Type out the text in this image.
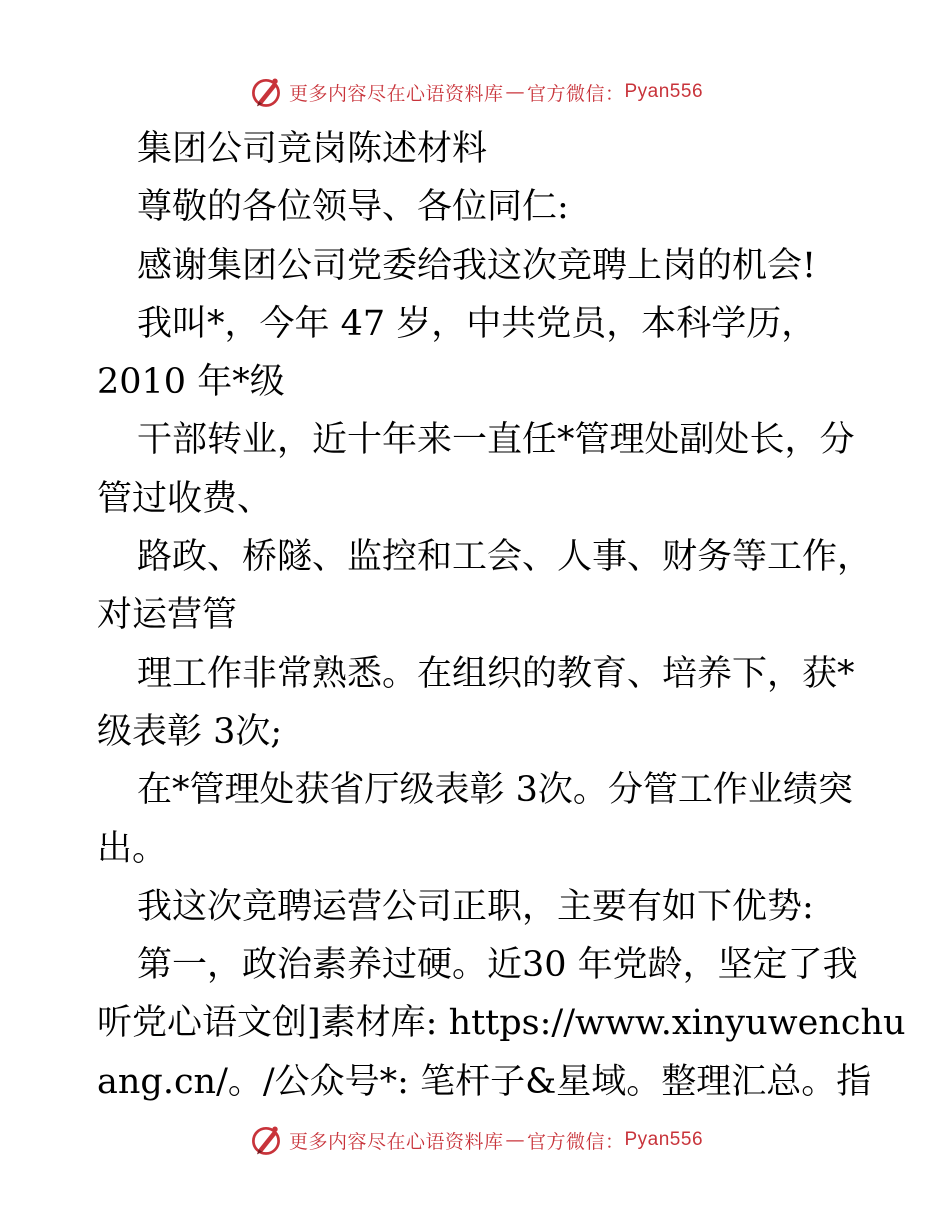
更多内容尽在心语资料库 — 官方微信： Pyan556
集团公司竞岗陈述材料
尊敬的各位领导、各位同仁:
感谢集团公司党委给我这次竞聘上岗的机会!
我叫*，今年 47 岁，中共党员，本科学历，
2010 年*级
干部转业，近十年来一直任*管理处副处长，分
管过收费、
路政、桥隧、监控和工会、人事、财务等工作，
对运营管
理工作非常熟悉。在组织的教育、培养下，获*
级表彰 3次;
在*管理处获省厅级表彰 3次。分管工作业绩突
出。
我这次竞聘运营公司正职，主要有如下优势:
第一，政治素养过硬。近30 年党龄，坚定了我
听党心语文创]素材库: https://www.xinyuwenchu
ang.cn/。/公众号*: 笔杆子&星域。整理汇总。指
更多内容尽在心语资料库 — 官方微信： Pyan556
